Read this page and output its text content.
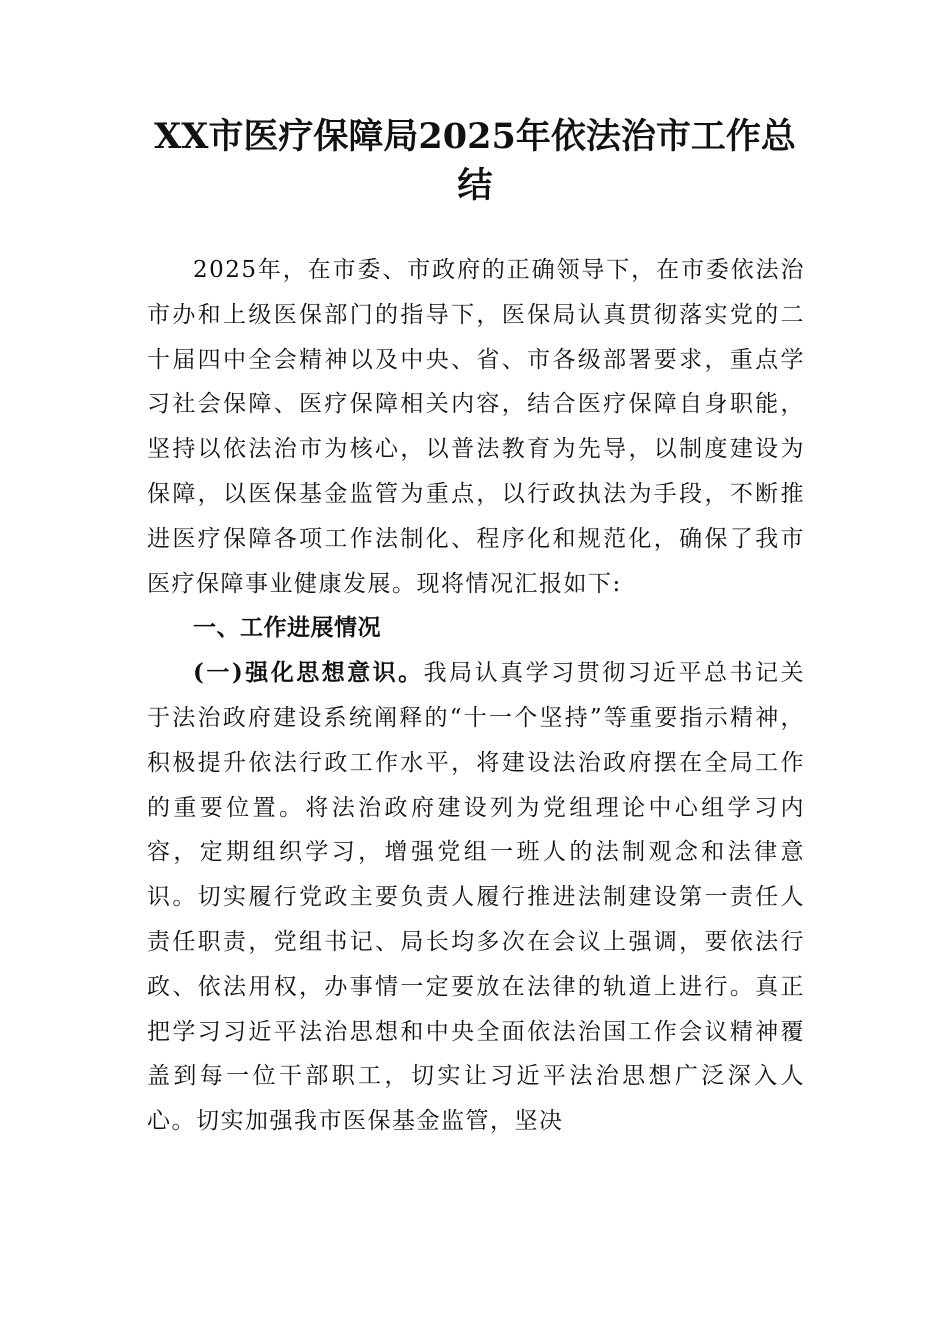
XX市医疗保障局2025年依法治市工作总结

2025年，在市委、市政府的正确领导下，在市委依法治市办和上级医保部门的指导下，医保局认真贯彻落实党的二十届四中全会精神以及中央、省、市各级部署要求，重点学习社会保障、医疗保障相关内容，结合医疗保障自身职能，坚持以依法治市为核心，以普法教育为先导，以制度建设为保障，以医保基金监管为重点，以行政执法为手段，不断推进医疗保障各项工作法制化、程序化和规范化，确保了我市医疗保障事业健康发展。现将情况汇报如下:

一、工作进展情况

(一)强化思想意识。我局认真学习贯彻习近平总书记关于法治政府建设系统阐释的“十一个坚持”等重要指示精神，积极提升依法行政工作水平，将建设法治政府摆在全局工作的重要位置。将法治政府建设列为党组理论中心组学习内容，定期组织学习，增强党组一班人的法制观念和法律意识。切实履行党政主要负责人履行推进法制建设第一责任人责任职责，党组书记、局长均多次在会议上强调，要依法行政、依法用权，办事情一定要放在法律的轨道上进行。真正把学习习近平法治思想和中央全面依法治国工作会议精神覆盖到每一位干部职工，切实让习近平法治思想广泛深入人心。切实加强我市医保基金监管，坚决
